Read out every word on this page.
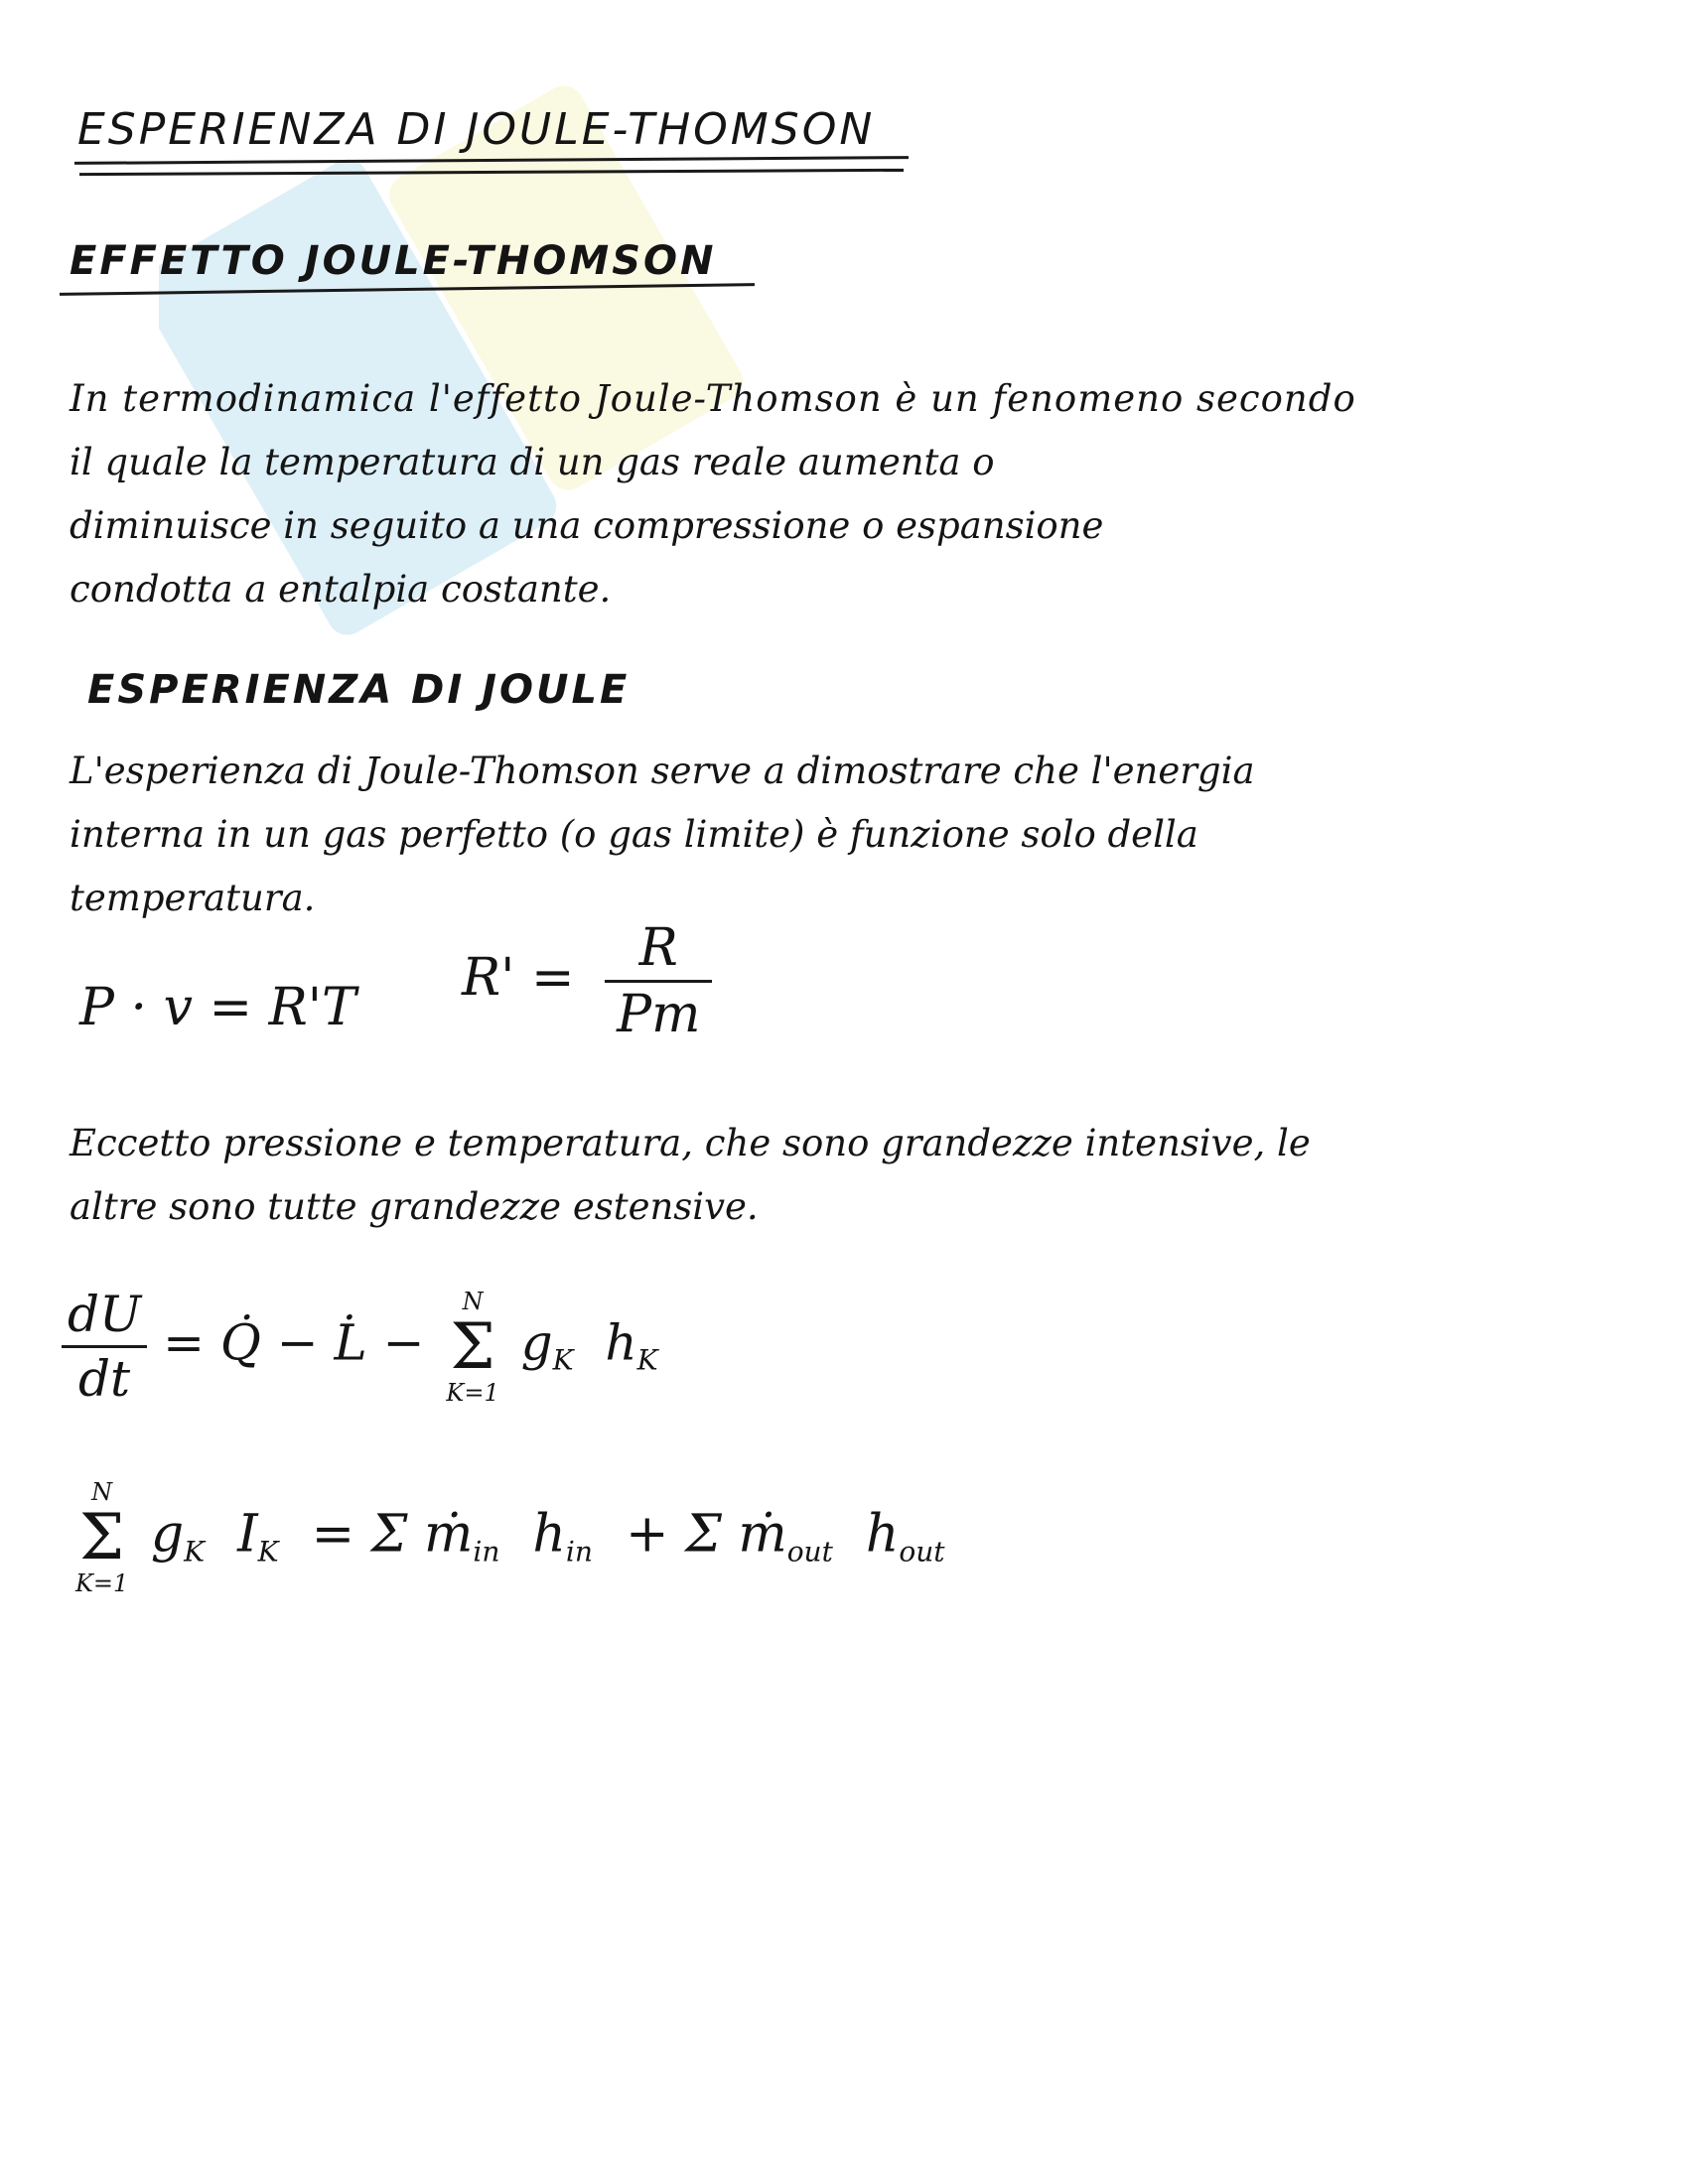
ESPERIENZA DI JOULE-THOMSON
EFFETTO JOULE-THOMSON
In termodinamica l'effetto Joule-Thomson è un fenomeno secondo
il quale la temperatura di un gas reale aumenta o
diminuisce in seguito a una compressione o espansione
condotta a entalpia costante.
ESPERIENZA DI JOULE
L'esperienza di Joule-Thomson serve a dimostrare che l'energia
interna in un gas perfetto (o gas limite) è funzione solo della
temperatura.
P · v = R'T $R' = \frac{R}{Pm}$
Eccetto pressione e temperatura, che sono grandezze intensive, le
altre sono tutte grandezze estensive.
$\frac{dU}{dt}$ = Q̇ − L̇ −
N
Σ
K=1
$g_K$ $h_K$
N
Σ
K=1
$g_K$ $I_K = \Sigma$ ṁ$_{in}$ $h_{in} + \Sigma$ ṁ$_{out}$ $h_{out}$
